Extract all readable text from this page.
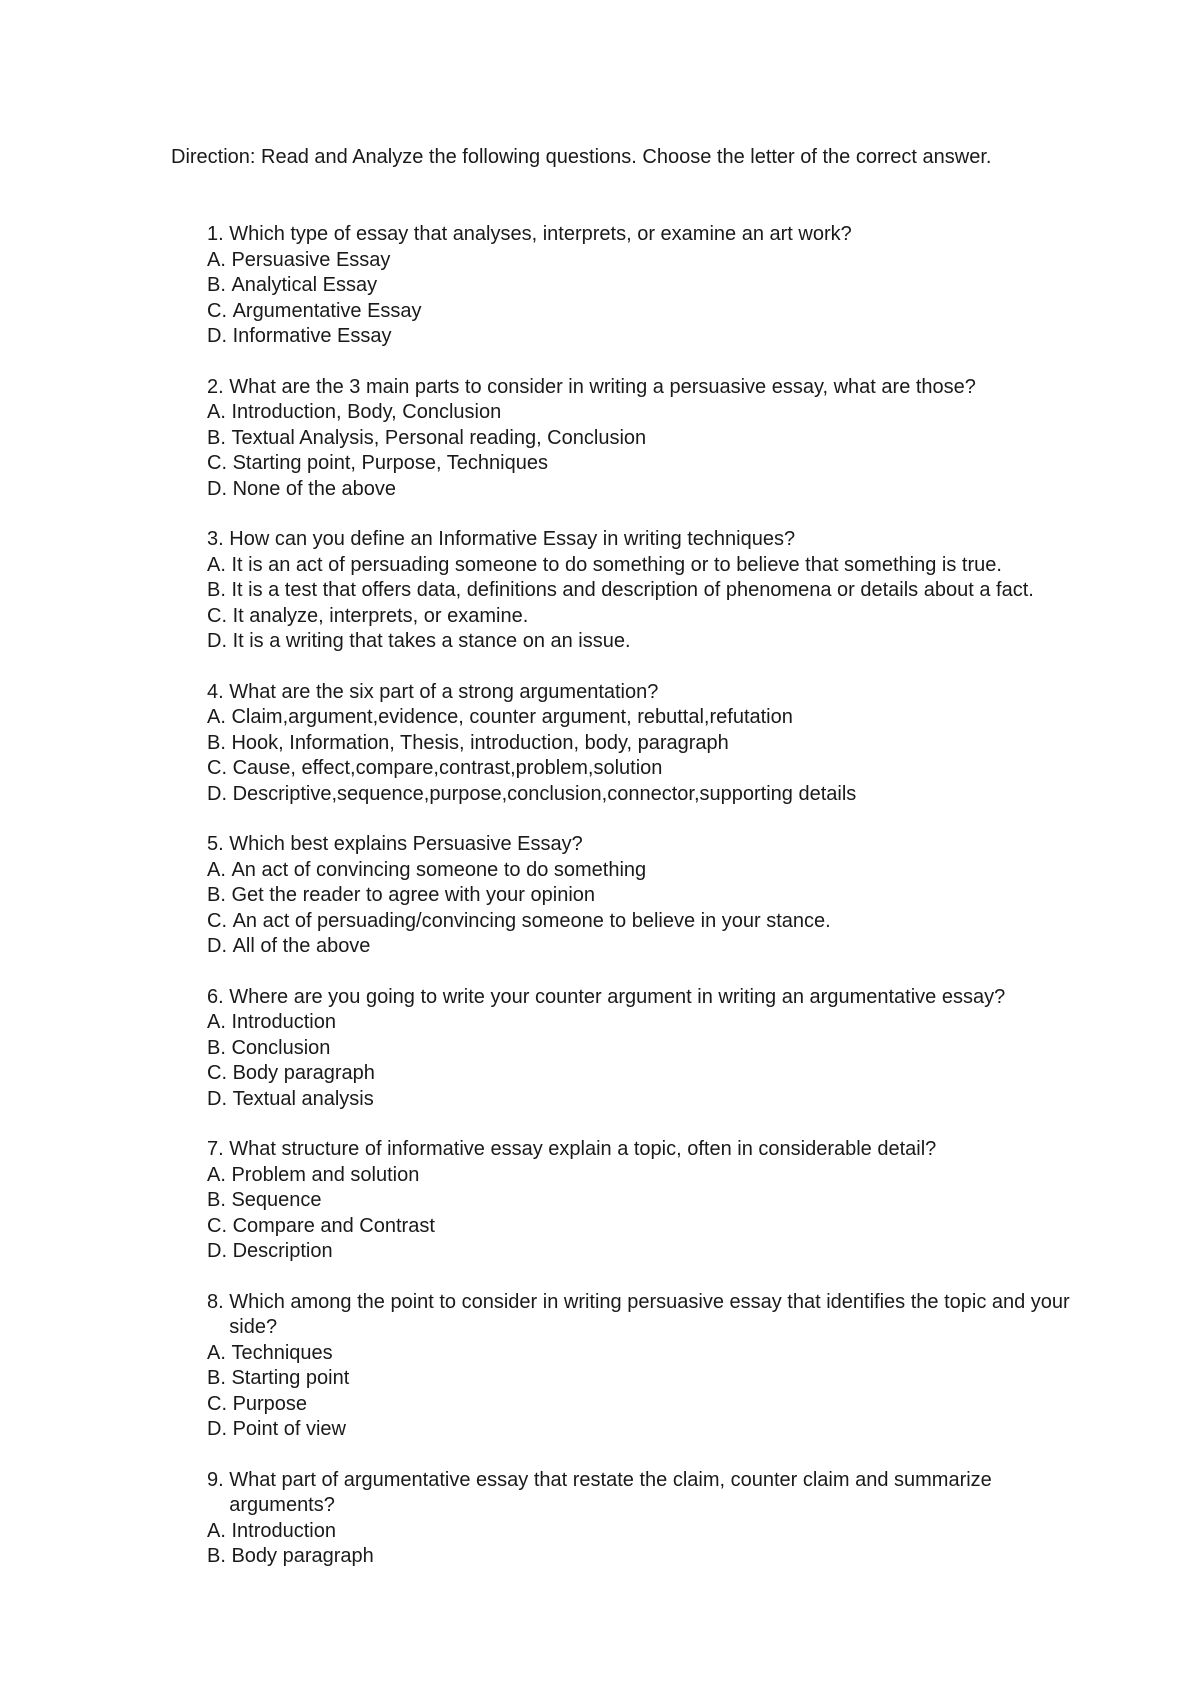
Direction: Read and Analyze the following questions. Choose the letter of the correct answer.

1. Which type of essay that analyses, interprets, or examine an art work?
A. Persuasive Essay
B. Analytical Essay
C. Argumentative Essay
D. Informative Essay
2. What are the 3 main parts to consider in writing a persuasive essay, what are those?
A. Introduction, Body, Conclusion
B. Textual Analysis, Personal reading, Conclusion
C. Starting point, Purpose, Techniques
D. None of the above
3. How can you define an Informative Essay in writing techniques?
A. It is an act of persuading someone to do something or to believe that something is true.
B. It is a test that offers data, definitions and description of phenomena or details about a fact.
C. It analyze, interprets, or examine.
D. It is a writing that takes a stance on an issue.
4. What are the six part of a strong argumentation?
A. Claim,argument,evidence, counter argument, rebuttal,refutation
B. Hook, Information, Thesis, introduction, body, paragraph
C. Cause, effect,compare,contrast,problem,solution
D. Descriptive,sequence,purpose,conclusion,connector,supporting details
5. Which best explains Persuasive Essay?
A. An act of convincing someone to do something
B. Get the reader to agree with your opinion
C. An act of persuading/convincing someone to believe in your stance.
D. All of the above
6. Where are you going to write your counter argument in writing an argumentative essay?
A. Introduction
B. Conclusion
C. Body paragraph
D. Textual analysis
7. What structure of informative essay explain a topic, often in considerable detail?
A. Problem and solution
B. Sequence
C. Compare and Contrast
D. Description
8. Which among the point to consider in writing persuasive essay that identifies the topic and your side?
A. Techniques
B. Starting point
C. Purpose
D. Point of view
9. What part of argumentative essay that restate the claim, counter claim and summarize arguments?
A. Introduction
B. Body paragraph
